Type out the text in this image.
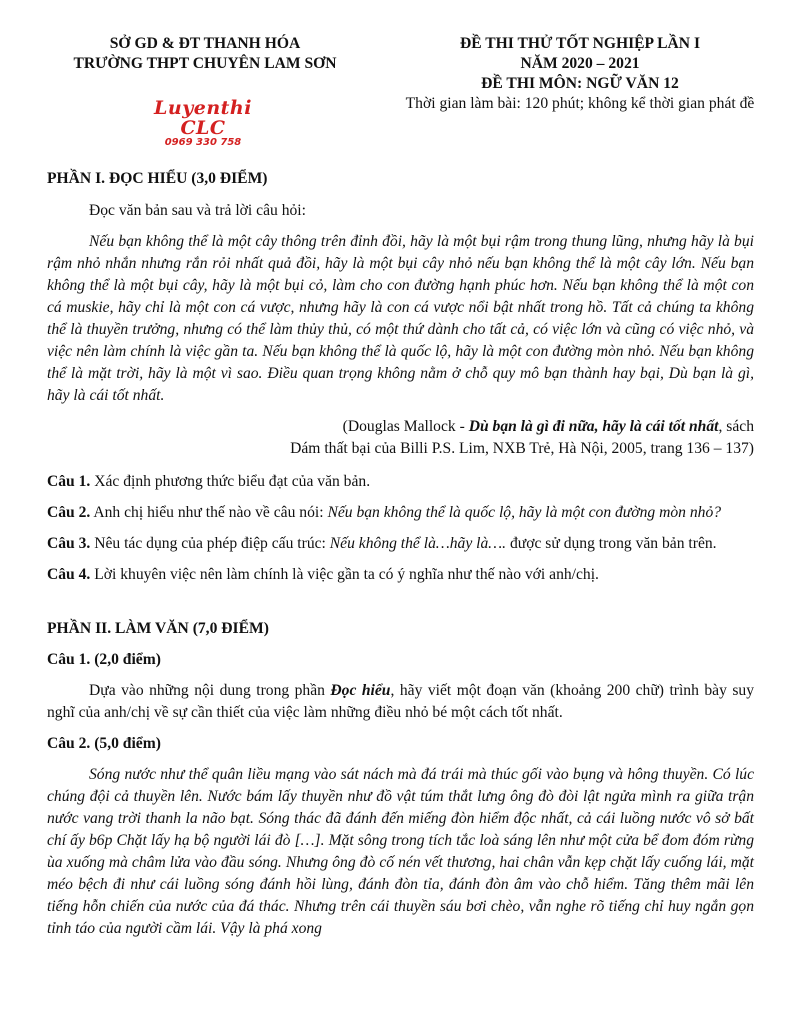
SỞ GD & ĐT THANH HÓA
TRƯỜNG THPT CHUYÊN LAM SƠN
ĐỀ THI THỬ TỐT NGHIỆP LẦN I
NĂM 2020 – 2021
ĐỀ THI MÔN: NGỮ VĂN 12
Thời gian làm bài: 120 phút; không kể thời gian phát đề
Luyenthi CLC
0969 330 758
PHẦN I. ĐỌC HIỂU (3,0 ĐIỂM)
Đọc văn bản sau và trả lời câu hỏi:
Nếu bạn không thể là một cây thông trên đỉnh đồi, hãy là một bụi rậm trong thung lũng, nhưng hãy là bụi rậm nhỏ nhắn nhưng rắn rỏi nhất quả đồi, hãy là một bụi cây nhỏ nếu bạn không thể là một cây lớn. Nếu bạn không thể là một bụi cây, hãy là một bụi cỏ, làm cho con đường hạnh phúc hơn. Nếu bạn không thể là một con cá muskie, hãy chỉ là một con cá vược, nhưng hãy là con cá vược nổi bật nhất trong hồ. Tất cả chúng ta không thể là thuyền trưởng, nhưng có thể làm thủy thủ, có một thứ dành cho tất cả, có việc lớn và cũng có việc nhỏ, và việc nên làm chính là việc gần ta. Nếu bạn không thể là quốc lộ, hãy là một con đường mòn nhỏ. Nếu bạn không thể là mặt trời, hãy là một vì sao. Điều quan trọng không nằm ở chỗ quy mô bạn thành hay bại, Dù bạn là gì, hãy là cái tốt nhất.
(Douglas Mallock - Dù bạn là gì đi nữa, hãy là cái tốt nhất, sách
Dám thất bại của Billi P.S. Lim, NXB Trẻ, Hà Nội, 2005, trang 136 – 137)
Câu 1. Xác định phương thức biểu đạt của văn bản.
Câu 2. Anh chị hiểu như thế nào về câu nói: Nếu bạn không thể là quốc lộ, hãy là một con đường mòn nhỏ?
Câu 3. Nêu tác dụng của phép điệp cấu trúc: Nếu không thể là…hãy là…. được sử dụng trong văn bản trên.
Câu 4. Lời khuyên việc nên làm chính là việc gần ta có ý nghĩa như thế nào với anh/chị.
PHẦN II. LÀM VĂN (7,0 ĐIỂM)
Câu 1. (2,0 điểm)
Dựa vào những nội dung trong phần Đọc hiểu, hãy viết một đoạn văn (khoảng 200 chữ) trình bày suy nghĩ của anh/chị về sự cần thiết của việc làm những điều nhỏ bé một cách tốt nhất.
Câu 2. (5,0 điểm)
Sóng nước như thể quân liều mạng vào sát nách mà đá trái mà thúc gối vào bụng và hông thuyền. Có lúc chúng đội cả thuyền lên. Nước bám lấy thuyền như đồ vật túm thắt lưng ông đò đòi lật ngửa mình ra giữa trận nước vang trời thanh la não bạt. Sóng thác đã đánh đến miếng đòn hiểm độc nhất, cả cái luồng nước vô sở bất chí ấy b6p Chặt lấy hạ bộ người lái đò […]. Mặt sông trong tích tắc loà sáng lên như một cửa bể đom đóm rừng ùa xuống mà châm lửa vào đầu sóng. Nhưng ông đò cố nén vết thương, hai chân vẫn kẹp chặt lấy cuống lái, mặt méo bệch đi như cái luồng sóng đánh hồi lùng, đánh đòn tỉa, đánh đòn âm vào chỗ hiểm. Tăng thêm mãi lên tiếng hỗn chiến của nước của đá thác. Nhưng trên cái thuyền sáu bơi chèo, vẫn nghe rõ tiếng chỉ huy ngắn gọn tỉnh táo của người cầm lái. Vậy là phá xong
